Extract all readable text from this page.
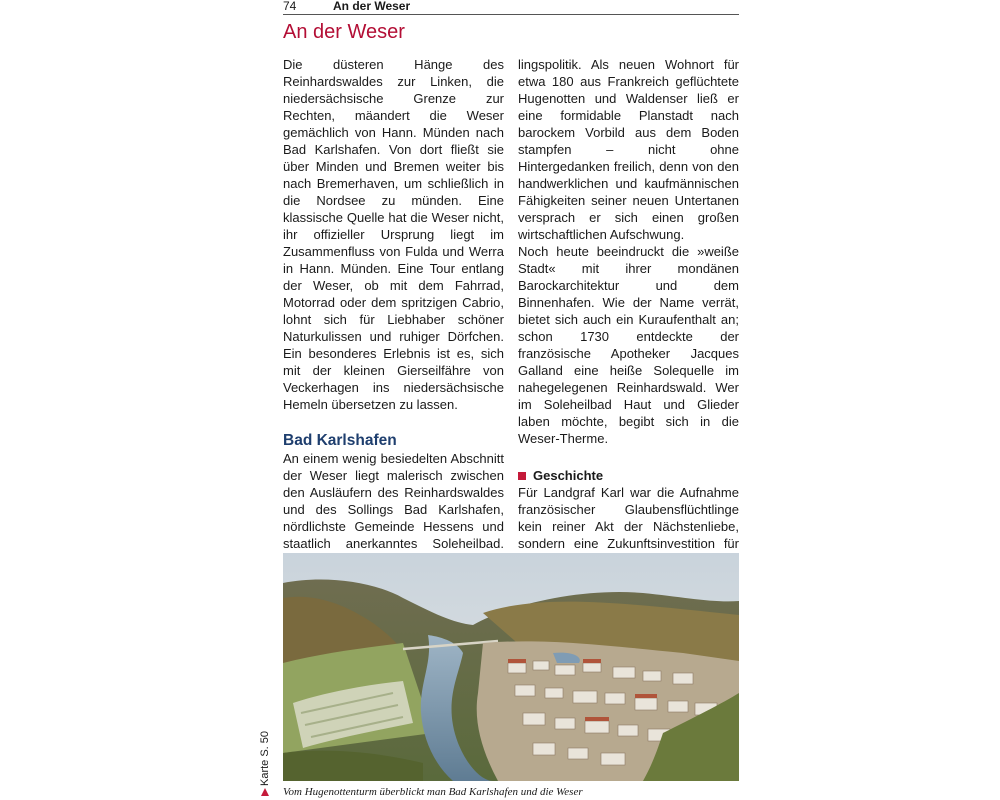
74	An der Weser
An der Weser

Die düsteren Hänge des Reinhardswaldes zur Linken, die niedersächsische Grenze zur Rechten, mäandert die Weser gemächlich von Hann. Münden nach Bad Karlshafen. Von dort fließt sie über Minden und Bremen weiter bis nach Bremerhaven, um schließlich in die Nordsee zu münden. Eine klassische Quelle hat die Weser nicht, ihr offizieller Ursprung liegt im Zusammenfluss von Fulda und Werra in Hann. Münden. Eine Tour entlang der Weser, ob mit dem Fahrrad, Motorrad oder dem spritzigen Cabrio, lohnt sich für Liebhaber schöner Naturkulissen und ruhiger Dörfchen. Ein besonderes Erlebnis ist es, sich mit der kleinen Gierseilfähre von Veckerhagen ins niedersächsische Hemeln übersetzen zu lassen.

Bad Karlshafen

An einem wenig besiedelten Abschnitt der Weser liegt malerisch zwischen den Ausläufern des Reinhardswaldes und des Sollings Bad Karlshafen, nördlichste Gemeinde Hessens und staatlich anerkanntes Soleheilbad.

lingspolitik. Als neuen Wohnort für etwa 180 aus Frankreich geflüchtete Hugenotten und Waldenser ließ er eine formidable Planstadt nach barockem Vorbild aus dem Boden stampfen – nicht ohne Hintergedanken freilich, denn von den handwerklichen und kaufmännischen Fähigkeiten seiner neuen Untertanen versprach er sich einen großen wirtschaftlichen Aufschwung.

Noch heute beeindruckt die »weiße Stadt« mit ihrer mondänen Barockarchitektur und dem Binnenhafen. Wie der Name verrät, bietet sich auch ein Kuraufenthalt an; schon 1730 entdeckte der französische Apotheker Jacques Galland eine heiße Solequelle im nahegelegenen Reinhardswald. Wer im Soleheilbad Haut und Glieder laben möchte, begibt sich in die Weser-Therme.

Geschichte

Für Landgraf Karl war die Aufnahme französischer Glaubensflüchtlinge kein reiner Akt der Nächstenliebe, sondern eine Zukunftsinvestition für

Vom Hugenottenturm überblickt man Bad Karlshafen und die Weser
Karte S. 50
